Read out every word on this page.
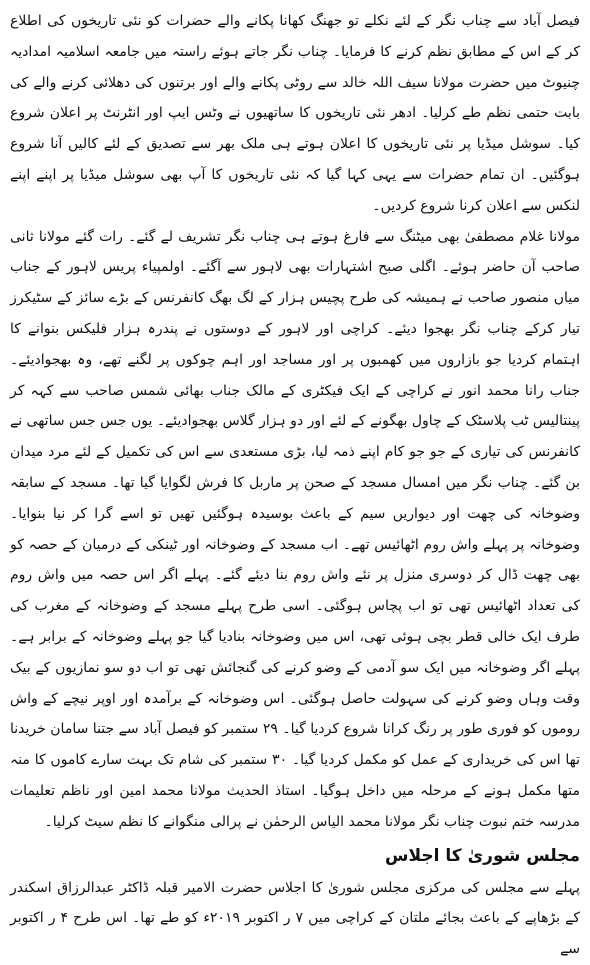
فیصل آباد سے چناب نگر کے لئے نکلے تو جھنگ کھانا پکانے والے حضرات کو نئی تاریخوں کی اطلاع کر کے اس کے مطابق نظم کرنے کا فرمایا۔ چناب نگر جاتے ہوئے راستہ میں جامعہ اسلامیہ امدادیہ چنیوٹ میں حضرت مولانا سیف اللہ خالد سے روٹی پکانے والے اور برتنوں کی دھلائی کرنے والے کی بابت حتمی نظم طے کرلیا۔ ادھر نئی تاریخوں کا ساتھیوں نے وٹس ایپ اور انٹرنٹ پر اعلان شروع کیا۔ سوشل میڈیا پر نئی تاریخوں کا اعلان ہوتے ہی ملک بھر سے تصدیق کے لئے کالیں آنا شروع ہوگئیں۔ ان تمام حضرات سے یہی کہا گیا کہ نئی تاریخوں کا آپ بھی سوشل میڈیا پر اپنے اپنے لنکس سے اعلان کرنا شروع کردیں۔

مولانا غلام مصطفیٰ بھی میٹنگ سے فارغ ہوتے ہی چناب نگر تشریف لے گئے۔ رات گئے مولانا ثانی صاحب آن حاضر ہوئے۔ اگلی صبح اشتہارات بھی لاہور سے آگئے۔ اولمپیاء پریس لاہور کے جناب میاں منصور صاحب نے ہمیشہ کی طرح پچیس ہزار کے لگ بھگ کانفرنس کے بڑے سائز کے سٹیکرز تیار کرکے چناب نگر بھجوا دیئے۔ کراچی اور لاہور کے دوستوں نے پندرہ ہزار فلیکس بنوانے کا اہتمام کردیا جو بازاروں میں کھمبوں پر اور مساجد اور اہم چوکوں پر لگنے تھے، وہ بھجوادیئے۔ جناب رانا محمد انور نے کراچی کے ایک فیکٹری کے مالک جناب بھائی شمس صاحب سے کہہ کر پینتالیس ٹب پلاسٹک کے چاول بھگونے کے لئے اور دو ہزار گلاس بھجوادیئے۔ یوں جس جس ساتھی نے کانفرنس کی تیاری کے جو جو کام اپنے ذمہ لیا، بڑی مستعدی سے اس کی تکمیل کے لئے مرد میدان بن گئے۔ چناب نگر میں امسال مسجد کے صحن پر ماربل کا فرش لگوایا گیا تھا۔ مسجد کے سابقہ وضوخانہ کی چھت اور دیواریں سیم کے باعث بوسیدہ ہوگئیں تھیں تو اسے گرا کر نیا بنوایا۔ وضوخانہ پر پہلے واش روم اٹھائیس تھے۔ اب مسجد کے وضوخانہ اور ٹینکی کے درمیان کے حصہ کو بھی چھت ڈال کر دوسری منزل پر نئے واش روم بنا دیئے گئے۔ پہلے اگر اس حصہ میں واش روم کی تعداد اٹھائیس تھی تو اب پچاس ہوگئی۔ اسی طرح پہلے مسجد کے وضوخانہ کے مغرب کی طرف ایک خالی قطر بچی ہوئی تھی، اس میں وضوخانہ بنادیا گیا جو پہلے وضوخانہ کے برابر ہے۔ پہلے اگر وضوخانہ میں ایک سو آدمی کے وضو کرنے کی گنجائش تھی تو اب دو سو نمازیوں کے بیک وقت وہاں وضو کرنے کی سہولت حاصل ہوگئی۔ اس وضوخانہ کے برآمدہ اور اوپر نیچے کے واش روموں کو فوری طور پر رنگ کرانا شروع کردیا گیا۔ ۲۹ ستمبر کو فیصل آباد سے جتنا سامان خریدنا تھا اس کی خریداری کے عمل کو مکمل کردیا گیا۔ ۳۰ ستمبر کی شام تک بہت سارے کاموں کا منہ متھا مکمل ہونے کے مرحلہ میں داخل ہوگیا۔ استاذ الحدیث مولانا محمد امین اور ناظم تعلیمات مدرسہ ختم نبوت چناب نگر مولانا محمد الیاس الرحمٰن نے پرالی منگوانے کا نظم سیٹ کرلیا۔

مجلس شوریٰ کا اجلاس

پہلے سے مجلس کی مرکزی مجلس شوریٰ کا اجلاس حضرت الامیر قبلہ ڈاکٹر عبدالرزاق اسکندر کے بڑھاپے کے باعث بجائے ملتان کے کراچی میں ۷ ر اکتوبر ۲۰۱۹ء کو طے تھا۔ اس طرح ۴ ر اکتوبر سے
